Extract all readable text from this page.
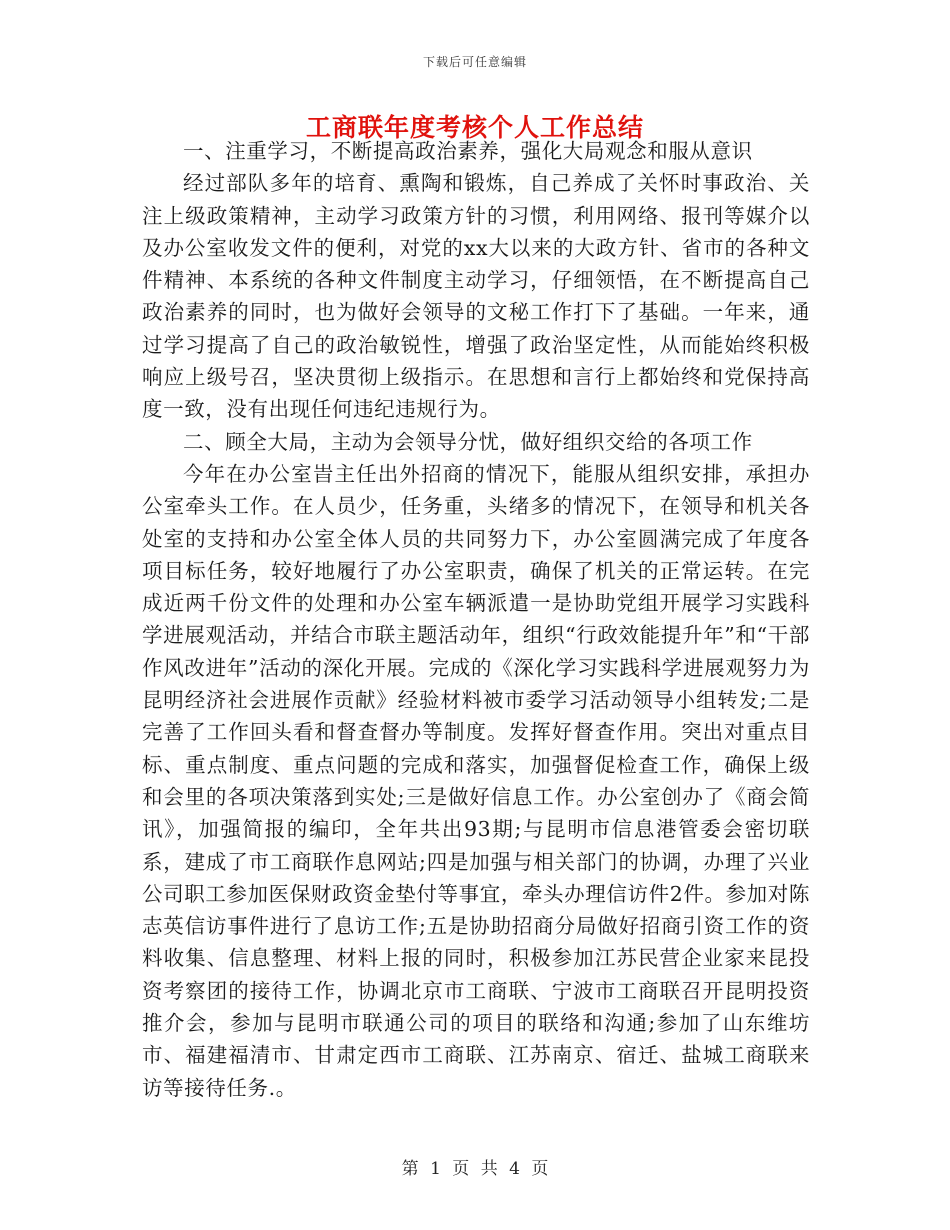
下载后可任意编辑
工商联年度考核个人工作总结

一、注重学习，不断提高政治素养，强化大局观念和服从意识

经过部队多年的培育、熏陶和锻炼，自己养成了关怀时事政治、关注上级政策精神，主动学习政策方针的习惯，利用网络、报刊等媒介以及办公室收发文件的便利，对党的xx大以来的大政方针、省市的各种文件精神、本系统的各种文件制度主动学习，仔细领悟，在不断提高自己政治素养的同时，也为做好会领导的文秘工作打下了基础。一年来，通过学习提高了自己的政治敏锐性，增强了政治坚定性，从而能始终积极响应上级号召，坚决贯彻上级指示。在思想和言行上都始终和党保持高度一致，没有出现任何违纪违规行为。

二、顾全大局，主动为会领导分忧，做好组织交给的各项工作

今年在办公室旹主任出外招商的情况下，能服从组织安排，承担办公室牵头工作。在人员少，任务重，头绪多的情况下，在领导和机关各处室的支持和办公室全体人员的共同努力下，办公室圆满完成了年度各项目标任务，较好地履行了办公室职责，确保了机关的正常运转。在完成近两千份文件的处理和办公室车辆派遣一是协助党组开展学习实践科学进展观活动，并结合市联主题活动年，组织“行政效能提升年”和“干部作风改进年”活动的深化开展。完成的《深化学习实践科学进展观努力为昆明经济社会进展作贡献》经验材料被市委学习活动领导小组转发;二是完善了工作回头看和督查督办等制度。发挥好督查作用。突出对重点目标、重点制度、重点问题的完成和落实，加强督促检查工作，确保上级和会里的各项决策落到实处;三是做好信息工作。办公室创办了《商会简讯》，加强简报的编印，全年共出93期;与昆明市信息港管委会密切联系，建成了市工商联作息网站;四是加强与相关部门的协调，办理了兴业公司职工参加医保财政资金垫付等事宜，牵头办理信访件2件。参加对陈志英信访事件进行了息访工作;五是协助招商分局做好招商引资工作的资料收集、信息整理、材料上报的同时，积极参加江苏民营企业家来昆投资考察团的接待工作，协调北京市工商联、宁波市工商联召开昆明投资推介会，参加与昆明市联通公司的项目的联络和沟通;参加了山东维坊市、福建福清市、甘肃定西市工商联、江苏南京、宿迁、盐城工商联来访等接待任务.。

第 1 页 共 4 页
